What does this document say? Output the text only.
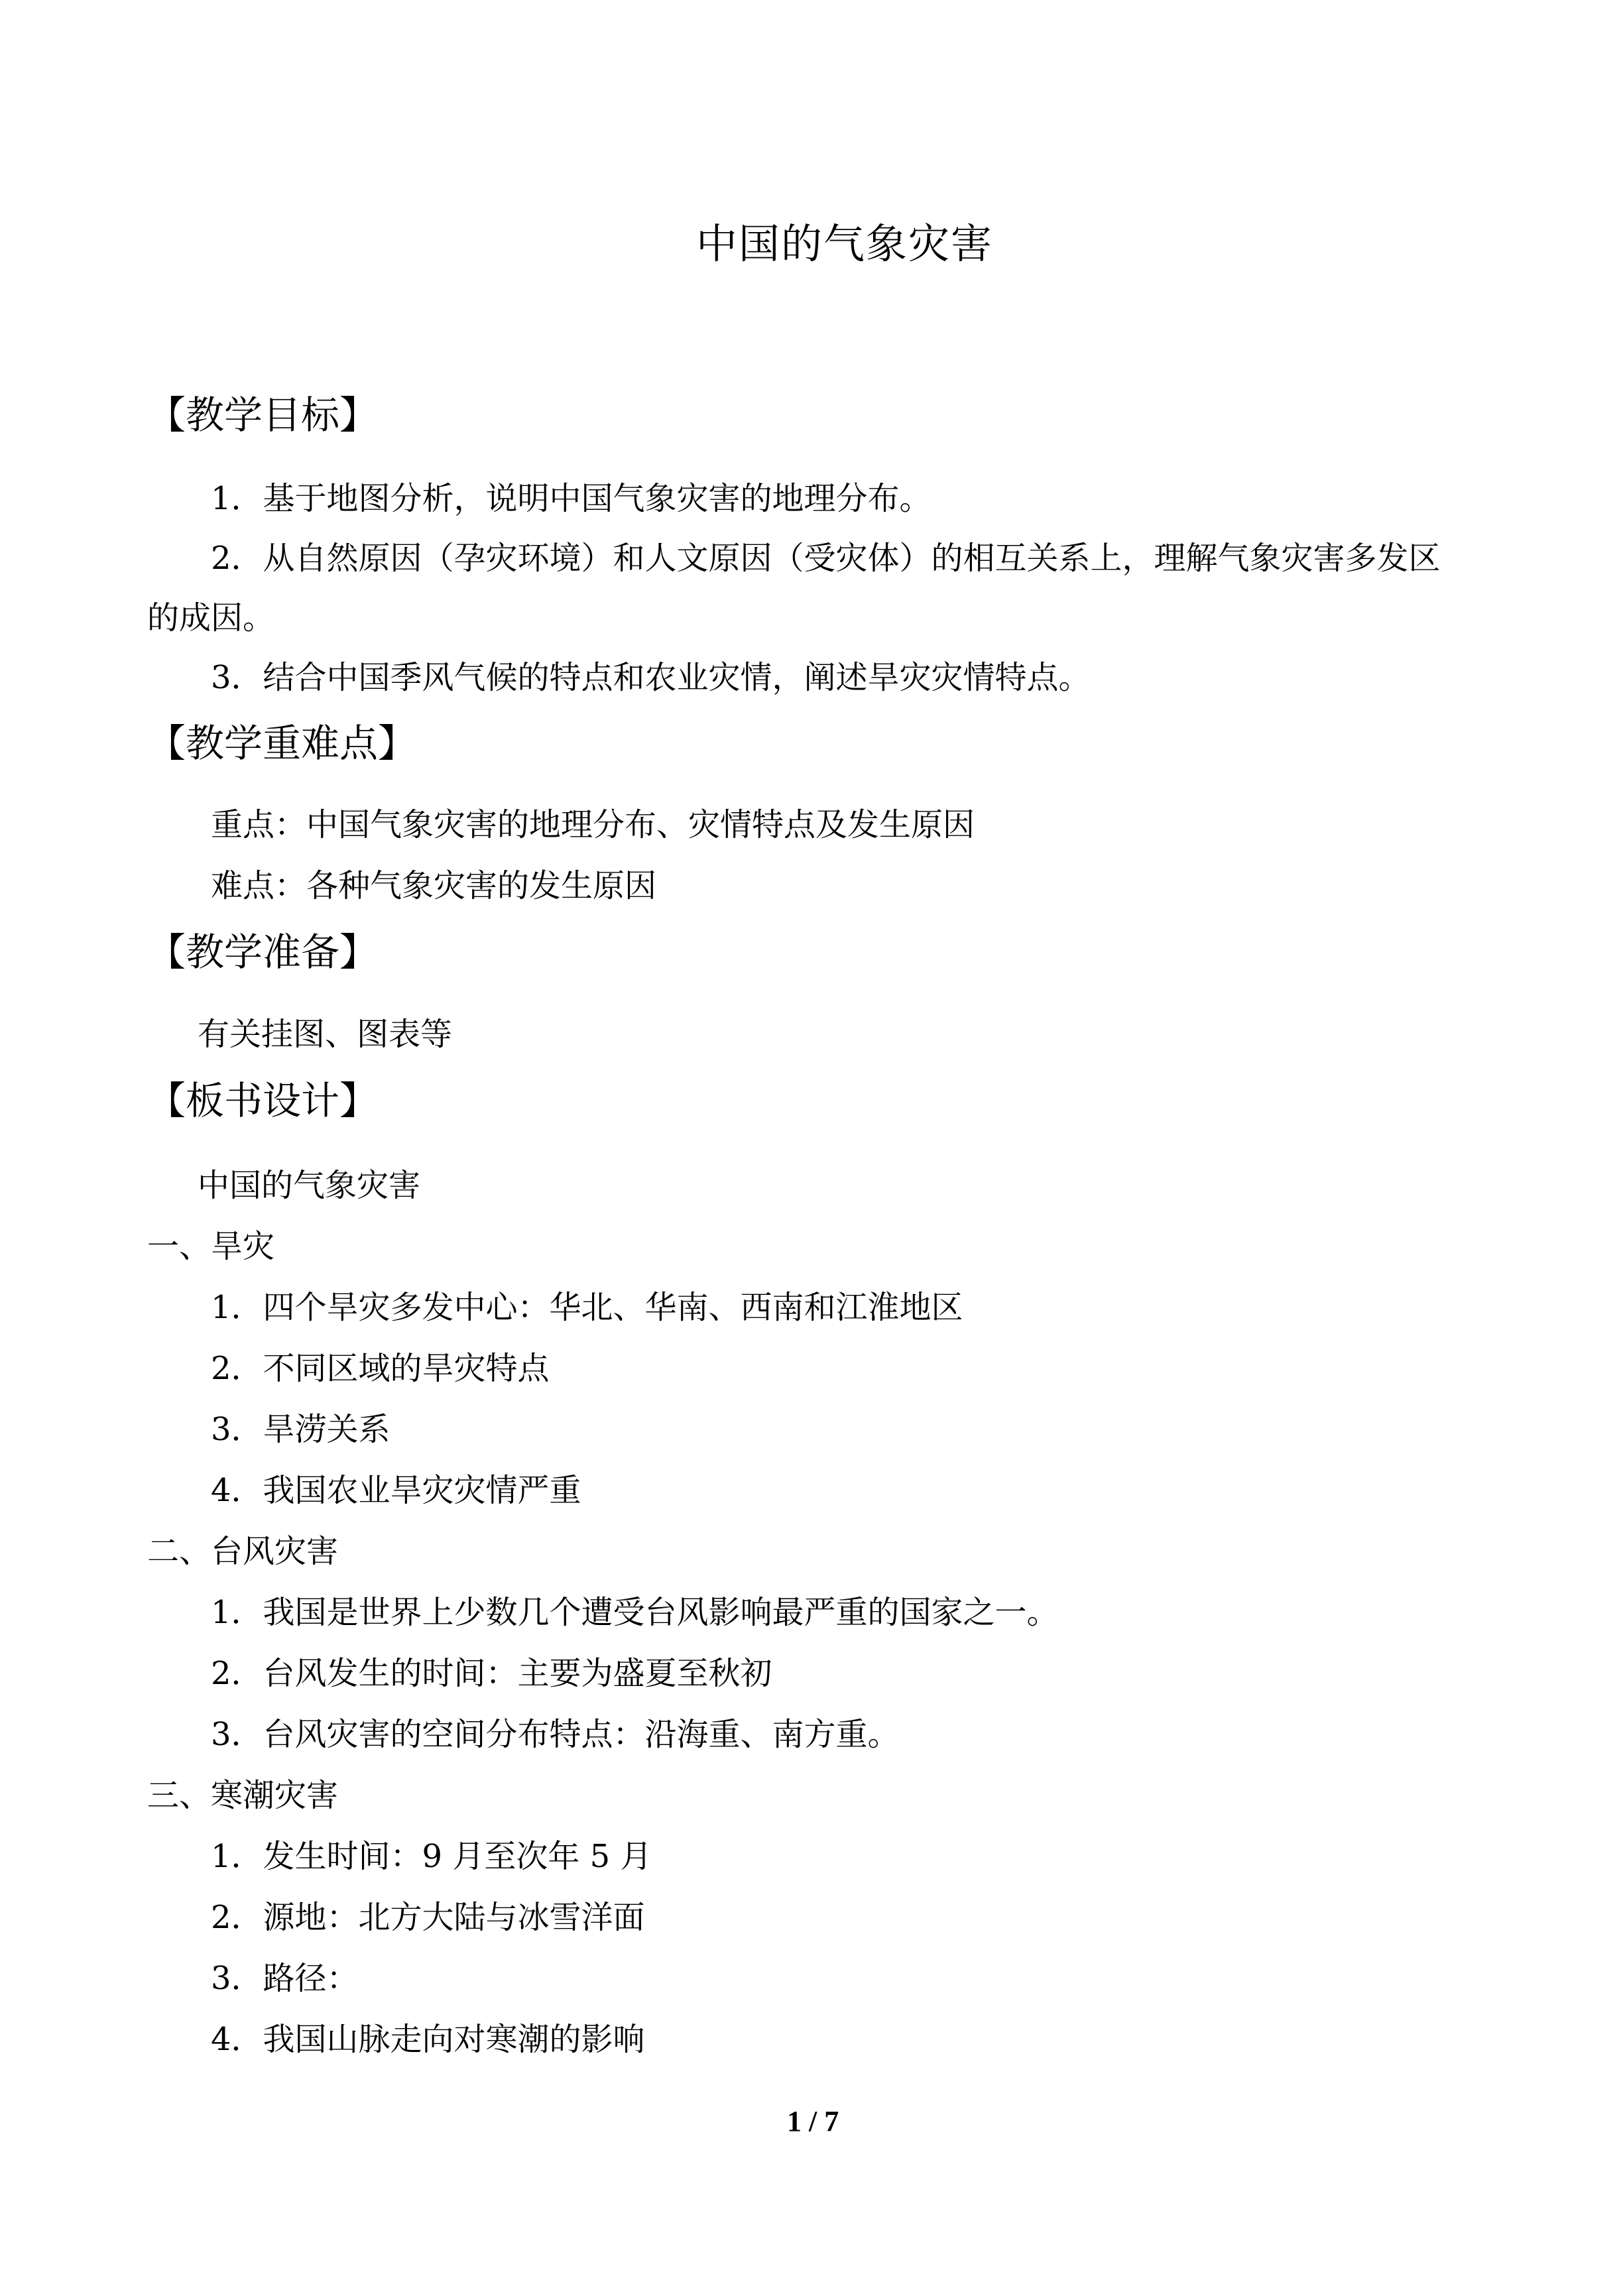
中国的气象灾害
【教学目标】
1．基于地图分析，说明中国气象灾害的地理分布。
2．从自然原因（孕灾环境）和人文原因（受灾体）的相互关系上，理解气象灾害多发区
的成因。
3．结合中国季风气候的特点和农业灾情，阐述旱灾灾情特点。
【教学重难点】
重点：中国气象灾害的地理分布、灾情特点及发生原因
难点：各种气象灾害的发生原因
【教学准备】
有关挂图、图表等
【板书设计】
中国的气象灾害
一、旱灾
1．四个旱灾多发中心：华北、华南、西南和江淮地区
2．不同区域的旱灾特点
3．旱涝关系
4．我国农业旱灾灾情严重
二、台风灾害
1．我国是世界上少数几个遭受台风影响最严重的国家之一。
2．台风发生的时间：主要为盛夏至秋初
3．台风灾害的空间分布特点：沿海重、南方重。
三、寒潮灾害
1．发生时间：9 月至次年 5 月
2．源地：北方大陆与冰雪洋面
3．路径：
4．我国山脉走向对寒潮的影响
1 / 7
